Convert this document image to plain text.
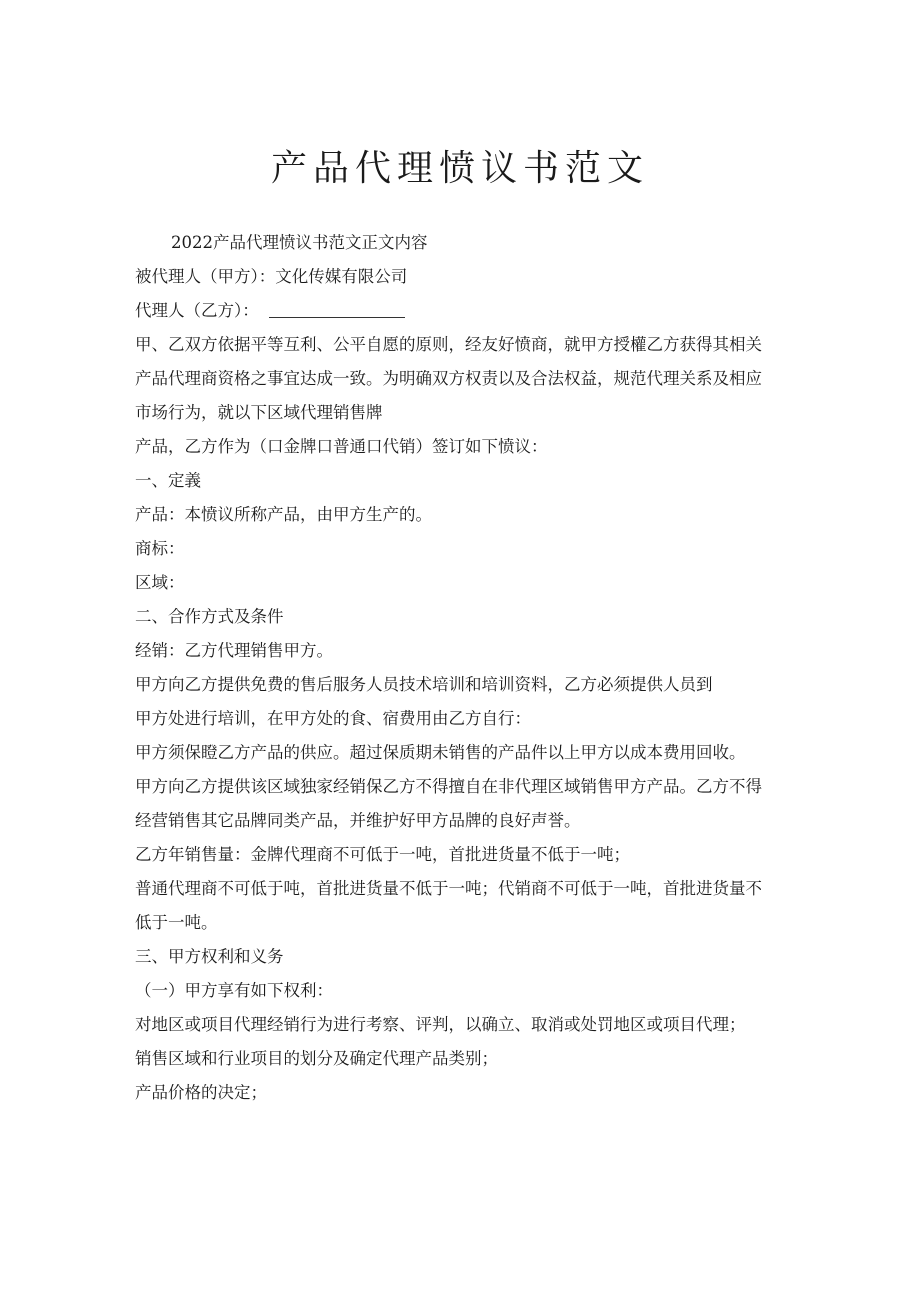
产品代理愤议书范文

2022产品代理愤议书范文正文内容

被代理人（甲方）：文化传媒有限公司

代理人（乙方）：

甲、乙双方依据平等互利、公平自愿的原则，经友好愤商，就甲方授權乙方获得其相关

产品代理商资格之事宜达成一致。为明确双方权责以及合法权益，规范代理关系及相应

市场行为，就以下区域代理销售牌

产品，乙方作为（口金牌口普通口代销）签订如下愤议：

一、定義

产品：本愤议所称产品，由甲方生产的。

商标：

区域：

二、合作方式及条件

经销：乙方代理销售甲方。

甲方向乙方提供免费的售后服务人员技术培训和培训资料，乙方必须提供人员到

甲方处进行培训，在甲方处的食、宿费用由乙方自行：

甲方须保瞪乙方产品的供应。超过保质期未销售的产品件以上甲方以成本费用回收。

甲方向乙方提供该区域独家经销保乙方不得擅自在非代理区域销售甲方产品。乙方不得

经营销售其它品牌同类产品，并维护好甲方品牌的良好声誉。

乙方年销售量：金牌代理商不可低于一吨，首批进货量不低于一吨；

普通代理商不可低于吨，首批进货量不低于一吨；代销商不可低于一吨，首批进货量不

低于一吨。

三、甲方权利和义务

（一）甲方享有如下权利：

对地区或项目代理经销行为进行考察、评判，以确立、取消或处罚地区或项目代理；

销售区域和行业项目的划分及确定代理产品类别；

产品价格的决定；
